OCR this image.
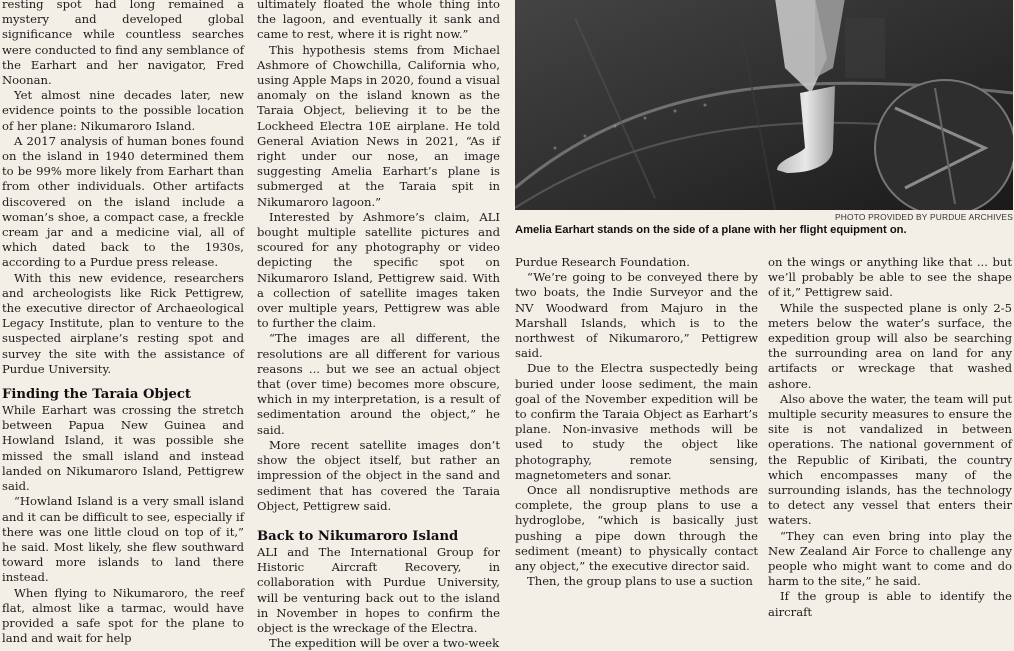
resting spot had long remained a mystery and developed global significance while countless searches were conducted to find any semblance of the Earhart and her navigator, Fred Noonan.

Yet almost nine decades later, new evidence points to the possible location of her plane: Nikumaroro Island.

A 2017 analysis of human bones found on the island in 1940 determined them to be 99% more likely from Earhart than from other individuals. Other artifacts discovered on the island include a woman’s shoe, a compact case, a freckle cream jar and a medicine vial, all of which dated back to the 1930s, according to a Purdue press release.

With this new evidence, researchers and archeologists like Rick Pettigrew, the executive director of Archaeological Legacy Institute, plan to venture to the suspected airplane’s resting spot and survey the site with the assistance of Purdue University.

Finding the Taraia Object

While Earhart was crossing the stretch between Papua New Guinea and Howland Island, it was possible she missed the small island and instead landed on Nikumaroro Island, Pettigrew said.

“Howland Island is a very small island and it can be difficult to see, especially if there was one little cloud on top of it,” he said. Most likely, she flew southward toward more islands to land there instead.

When flying to Nikumaroro, the reef flat, almost like a tarmac, would have provided a safe spot for the plane to land and wait for help

ultimately floated the whole thing into the lagoon, and eventually it sank and came to rest, where it is right now.”

This hypothesis stems from Michael Ashmore of Chowchilla, California who, using Apple Maps in 2020, found a visual anomaly on the island known as the Taraia Object, believing it to be the Lockheed Electra 10E airplane. He told General Aviation News in 2021, “As if right under our nose, an image suggesting Amelia Earhart’s plane is submerged at the Taraia spit in Nikumaroro lagoon.”

Interested by Ashmore’s claim, ALI bought multiple satellite pictures and scoured for any photography or video depicting the specific spot on Nikumaroro Island, Pettigrew said. With a collection of satellite images taken over multiple years, Pettigrew was able to further the claim.

“The images are all different, the resolutions are all different for various reasons ... but we see an actual object that (over time) becomes more obscure, which in my interpretation, is a result of sedimentation around the object,” he said.

More recent satellite images don’t show the object itself, but rather an impression of the object in the sand and sediment that has covered the Taraia Object, Pettigrew said.

Back to Nikumaroro Island

ALI and The International Group for Historic Aircraft Recovery, in collaboration with Purdue University, will be venturing back out to the island in November in hopes to confirm the object is the wreckage of the Electra.

The expedition will be over a two-week

PHOTO PROVIDED BY PURDUE ARCHIVES
Amelia Earhart stands on the side of a plane with her flight equipment on.

Purdue Research Foundation.

“We’re going to be conveyed there by two boats, the Indie Surveyor and the NV Woodward from Majuro in the Marshall Islands, which is to the northwest of Nikumaroro,” Pettigrew said.

Due to the Electra suspectedly being buried under loose sediment, the main goal of the November expedition will be to confirm the Taraia Object as Earhart’s plane. Non-invasive methods will be used to study the object like photography, remote sensing, magnetometers and sonar.

Once all nondisruptive methods are complete, the group plans to use a hydroglobe, “which is basically just pushing a pipe down through the sediment (meant) to physically contact any object,” the executive director said.

Then, the group plans to use a suction

on the wings or anything like that ... but we’ll probably be able to see the shape of it,” Pettigrew said.

While the suspected plane is only 2-5 meters below the water’s surface, the expedition group will also be searching the surrounding area on land for any artifacts or wreckage that washed ashore.

Also above the water, the team will put multiple security measures to ensure the site is not vandalized in between operations. The national government of the Republic of Kiribati, the country which encompasses many of the surrounding islands, has the technology to detect any vessel that enters their waters.

“They can even bring into play the New Zealand Air Force to challenge any people who might want to come and do harm to the site,” he said.

If the group is able to identify the aircraft
